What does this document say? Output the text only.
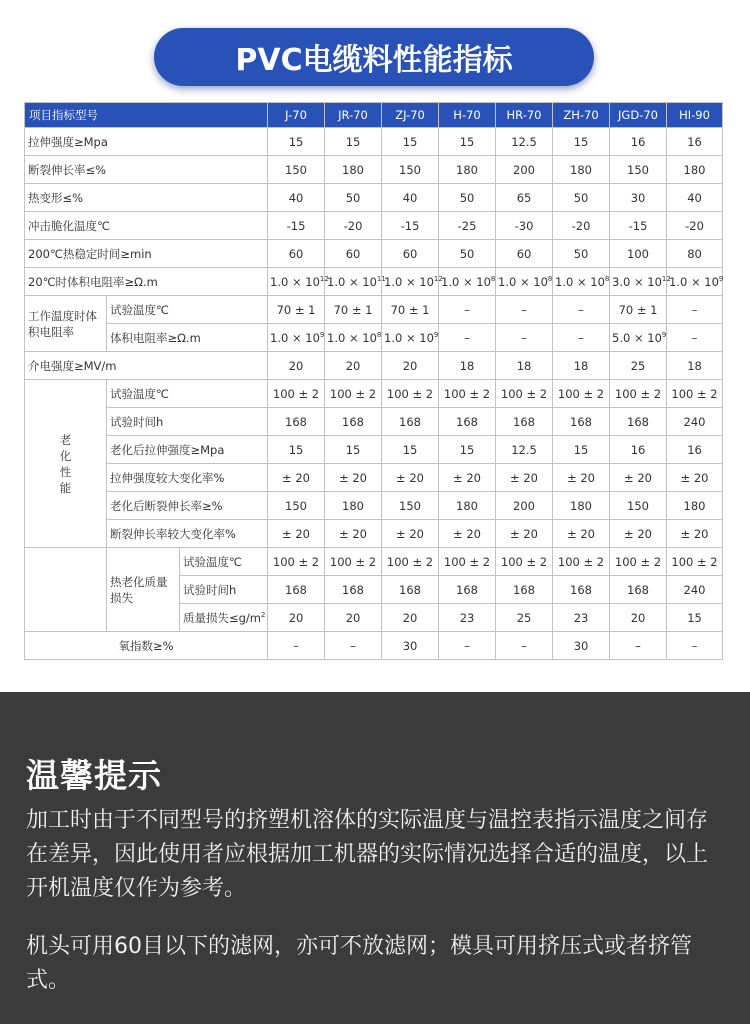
PVC电缆料性能指标
项目指标型号			J-70	JR-70	ZJ-70	H-70	HR-70	ZH-70	JGD-70	HI-90
拉伸强度≥Mpa			15	15	15	15	12.5	15	16	16
断裂伸长率≤%			150	180	150	180	200	180	150	180
热变形≤%			40	50	40	50	65	50	30	40
冲击脆化温度℃			-15	-20	-15	-25	-30	-20	-15	-20
200℃热稳定时间≥min			60	60	60	50	60	50	100	80
20℃时体积电阻率≥Ω.m			$1.0 \times 10^{12}$	$1.0 \times 10^{11}$	$1.0 \times 10^{12}$	$1.0 \times 10^8$	$1.0 \times 10^8$	$1.0 \times 10^8$	$3.0 \times 10^{12}$	$1.0 \times 10^9$
工作温度时体积电阻率	试验温度℃		70 ± 1	70 ± 1	70 ± 1	–	–	–	70 ± 1	–
	体积电阻率≥Ω.m		$1.0 \times 10^9$	$1.0 \times 10^8$	$1.0 \times 10^9$	–	–	–	$5.0 \times 10^9$	–
介电强度≥MV/m			20	20	20	18	18	18	25	18
老化性能	试验温度℃		100 ± 2	100 ± 2	100 ± 2	100 ± 2	100 ± 2	100 ± 2	100 ± 2	100 ± 2
	试验时间h		168	168	168	168	168	168	168	240
	老化后拉伸强度≥Mpa		15	15	15	15	12.5	15	16	16
	拉伸强度较大变化率%		± 20	± 20	± 20	± 20	± 20	± 20	± 20	± 20
	老化后断裂伸长率≥%		150	180	150	180	200	180	150	180
	断裂伸长率较大变化率%		± 20	± 20	± 20	± 20	± 20	± 20	± 20	± 20
	热老化质量损失	试验温度℃	100 ± 2	100 ± 2	100 ± 2	100 ± 2	100 ± 2	100 ± 2	100 ± 2	100 ± 2
		试验时间h	168	168	168	168	168	168	168	240
		质量损失$\le g/m^2$	20	20	20	23	25	23	20	15
氧指数≥%			–	–	30	–	–	30	–	–
温馨提示
加工时由于不同型号的挤塑机溶体的实际温度与温控表指示温度之间存在差异，因此使用者应根据加工机器的实际情况选择合适的温度，以上开机温度仅作为参考。
机头可用60目以下的滤网，亦可不放滤网；模具可用挤压式或者挤管式。
